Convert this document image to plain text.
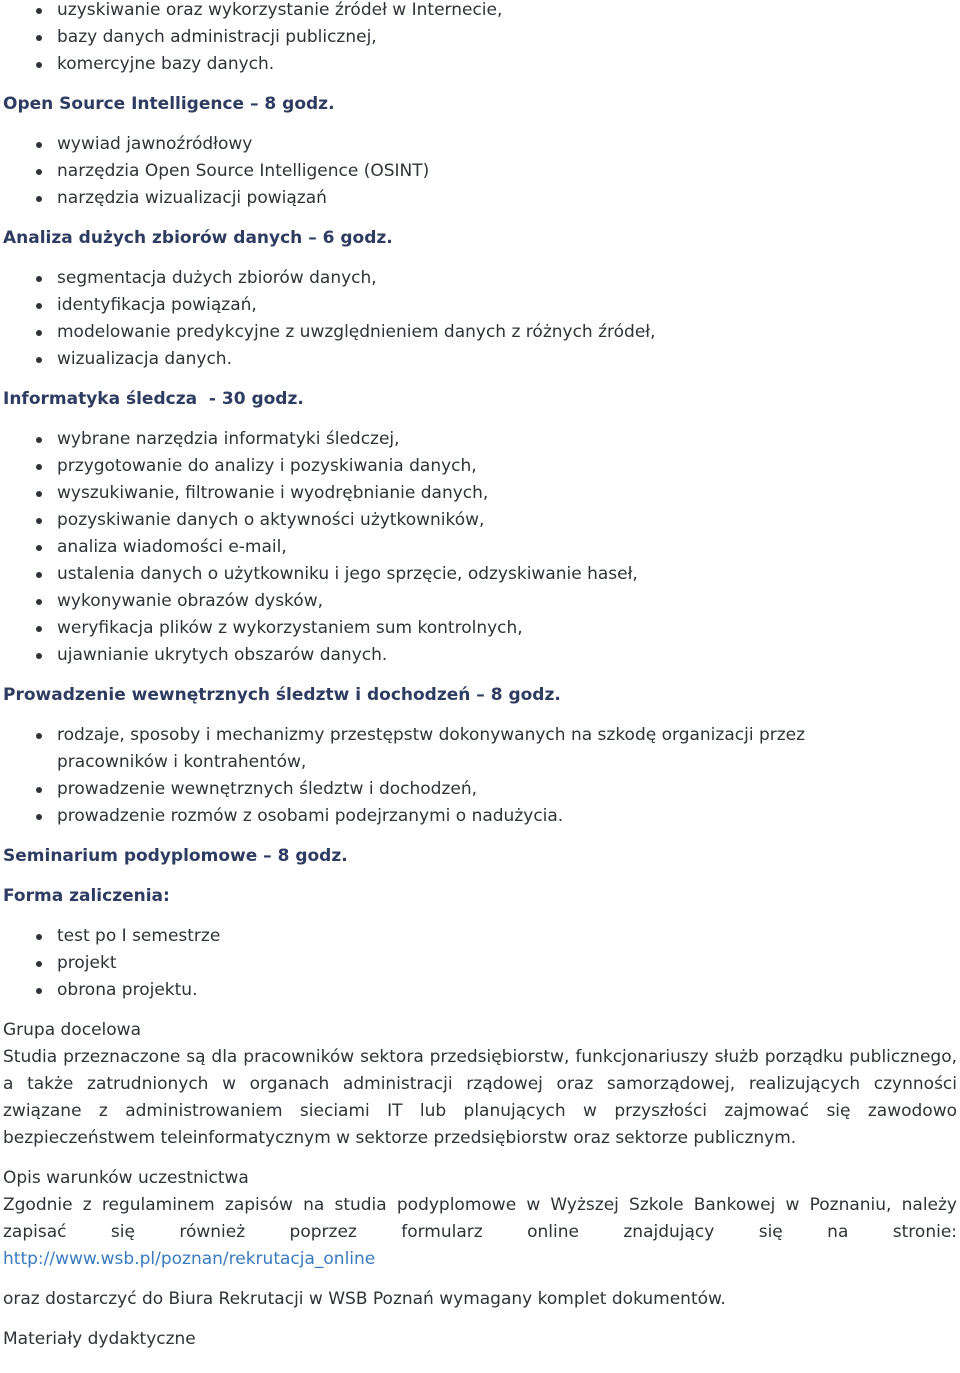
uzyskiwanie oraz wykorzystanie źródeł w Internecie,
bazy danych administracji publicznej,
komercyjne bazy danych.

Open Source Intelligence – 8 godz.

wywiad jawnoźródłowy
narzędzia Open Source Intelligence (OSINT)
narzędzia wizualizacji powiązań

Analiza dużych zbiorów danych – 6 godz.

segmentacja dużych zbiorów danych,
identyfikacja powiązań,
modelowanie predykcyjne z uwzględnieniem danych z różnych źródeł,
wizualizacja danych.

Informatyka śledcza  - 30 godz.

wybrane narzędzia informatyki śledczej,
przygotowanie do analizy i pozyskiwania danych,
wyszukiwanie, filtrowanie i wyodrębnianie danych,
pozyskiwanie danych o aktywności użytkowników,
analiza wiadomości e-mail,
ustalenia danych o użytkowniku i jego sprzęcie, odzyskiwanie haseł,
wykonywanie obrazów dysków,
weryfikacja plików z wykorzystaniem sum kontrolnych,
ujawnianie ukrytych obszarów danych.

Prowadzenie wewnętrznych śledztw i dochodzeń – 8 godz.

rodzaje, sposoby i mechanizmy przestępstw dokonywanych na szkodę organizacji przez pracowników i kontrahentów,
prowadzenie wewnętrznych śledztw i dochodzeń,
prowadzenie rozmów z osobami podejrzanymi o nadużycia.

Seminarium podyplomowe – 8 godz.

Forma zaliczenia:

test po I semestrze
projekt
obrona projektu.

Grupa docelowa

Studia przeznaczone są dla pracowników sektora przedsiębiorstw, funkcjonariuszy służb porządku publicznego, a także zatrudnionych w organach administracji rządowej oraz samorządowej, realizujących czynności związane z administrowaniem sieciami IT lub planujących w przyszłości zajmować się zawodowo bezpieczeństwem teleinformatycznym w sektorze przedsiębiorstw oraz sektorze publicznym.

Opis warunków uczestnictwa

Zgodnie z regulaminem zapisów na studia podyplomowe w Wyższej Szkole Bankowej w Poznaniu, należy zapisać się również poprzez formularz online znajdujący się na stronie:

http://www.wsb.pl/poznan/rekrutacja_online

oraz dostarczyć do Biura Rekrutacji w WSB Poznań wymagany komplet dokumentów.

Materiały dydaktyczne
